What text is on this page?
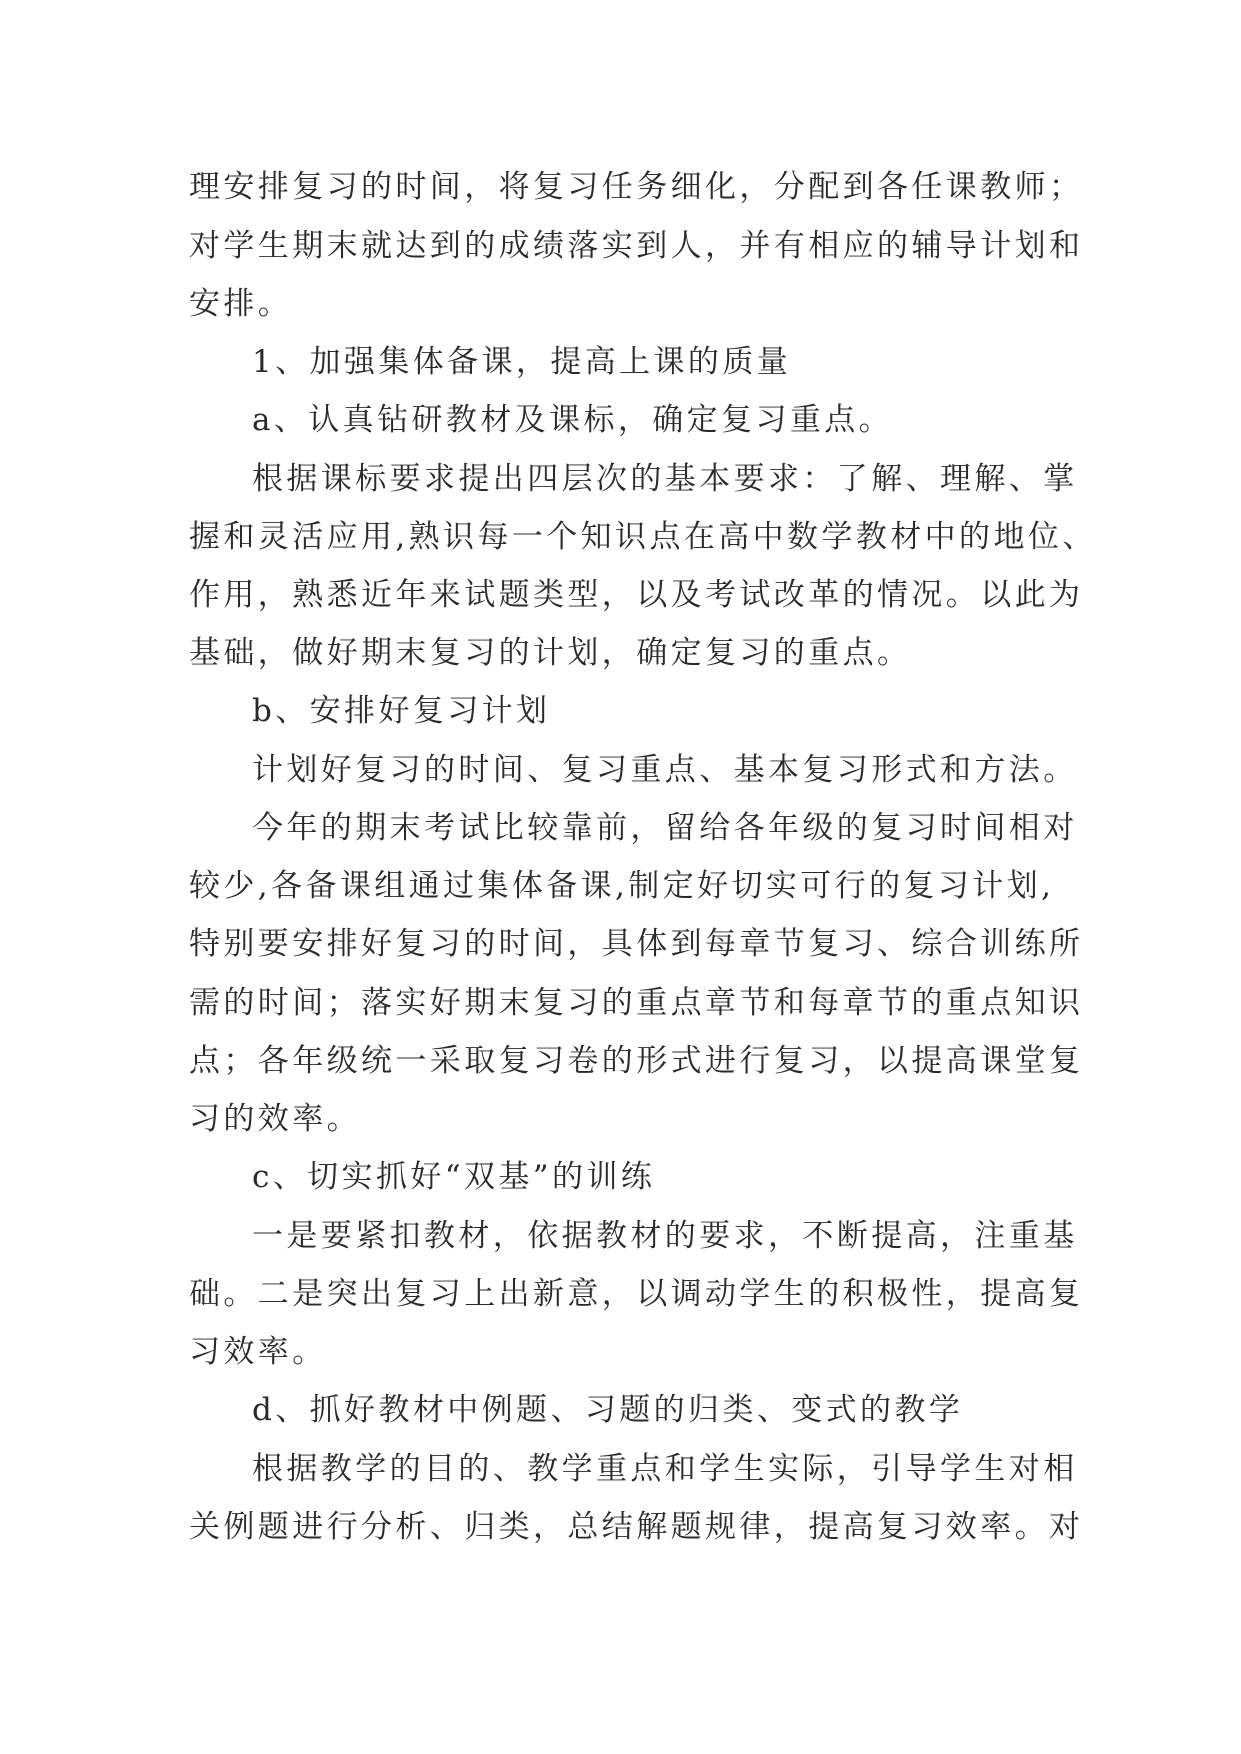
理安排复习的时间，将复习任务细化，分配到各任课教师；
对学生期末就达到的成绩落实到人，并有相应的辅导计划和
安排。
1、加强集体备课，提高上课的质量
a、认真钻研教材及课标，确定复习重点。
根据课标要求提出四层次的基本要求：了解、理解、掌
握和灵活应用,熟识每一个知识点在高中数学教材中的地位、
作用，熟悉近年来试题类型，以及考试改革的情况。以此为
基础，做好期末复习的计划，确定复习的重点。
b、安排好复习计划
计划好复习的时间、复习重点、基本复习形式和方法。
今年的期末考试比较靠前，留给各年级的复习时间相对
较少,各备课组通过集体备课,制定好切实可行的复习计划,
特别要安排好复习的时间，具体到每章节复习、综合训练所
需的时间；落实好期末复习的重点章节和每章节的重点知识
点；各年级统一采取复习卷的形式进行复习，以提高课堂复
习的效率。
c、切实抓好“双基”的训练
一是要紧扣教材，依据教材的要求，不断提高，注重基
础。二是突出复习上出新意，以调动学生的积极性，提高复
习效率。
d、抓好教材中例题、习题的归类、变式的教学
根据教学的目的、教学重点和学生实际，引导学生对相
关例题进行分析、归类，总结解题规律，提高复习效率。对
